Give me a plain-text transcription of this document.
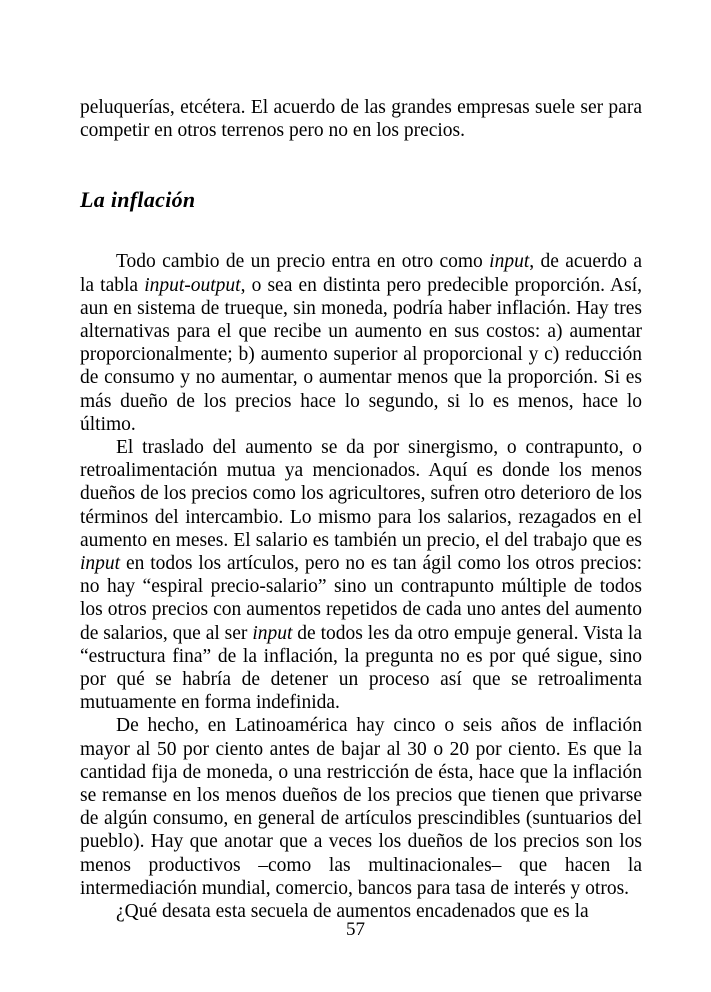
peluquerías, etcétera. El acuerdo de las grandes empresas suele ser para competir en otros terrenos pero no en los precios.

La inflación

Todo cambio de un precio entra en otro como input, de acuerdo a la tabla input-output, o sea en distinta pero predecible proporción. Así, aun en sistema de trueque, sin moneda, podría haber inflación. Hay tres alternativas para el que recibe un aumento en sus costos: a) aumentar proporcionalmente; b) aumento superior al proporcional y c) reducción de consumo y no aumentar, o aumentar menos que la proporción. Si es más dueño de los precios hace lo segundo, si lo es menos, hace lo último.

El traslado del aumento se da por sinergismo, o contrapunto, o retroalimentación mutua ya mencionados. Aquí es donde los menos dueños de los precios como los agricultores, sufren otro deterioro de los términos del intercambio. Lo mismo para los salarios, rezagados en el aumento en meses. El salario es también un precio, el del trabajo que es input en todos los artículos, pero no es tan ágil como los otros precios: no hay “espiral precio-salario” sino un contrapunto múltiple de todos los otros precios con aumentos repetidos de cada uno antes del aumento de salarios, que al ser input de todos les da otro empuje general. Vista la “estructura fina” de la inflación, la pregunta no es por qué sigue, sino por qué se habría de detener un proceso así que se retroalimenta mutuamente en forma indefinida.

De hecho, en Latinoamérica hay cinco o seis años de inflación mayor al 50 por ciento antes de bajar al 30 o 20 por ciento. Es que la cantidad fija de moneda, o una restricción de ésta, hace que la inflación se remanse en los menos dueños de los precios que tienen que privarse de algún consumo, en general de artículos prescindibles (suntuarios del pueblo). Hay que anotar que a veces los dueños de los precios son los menos productivos –como las multinacionales– que hacen la intermediación mundial, comercio, bancos para tasa de interés y otros.

¿Qué desata esta secuela de aumentos encadenados que es la

57
